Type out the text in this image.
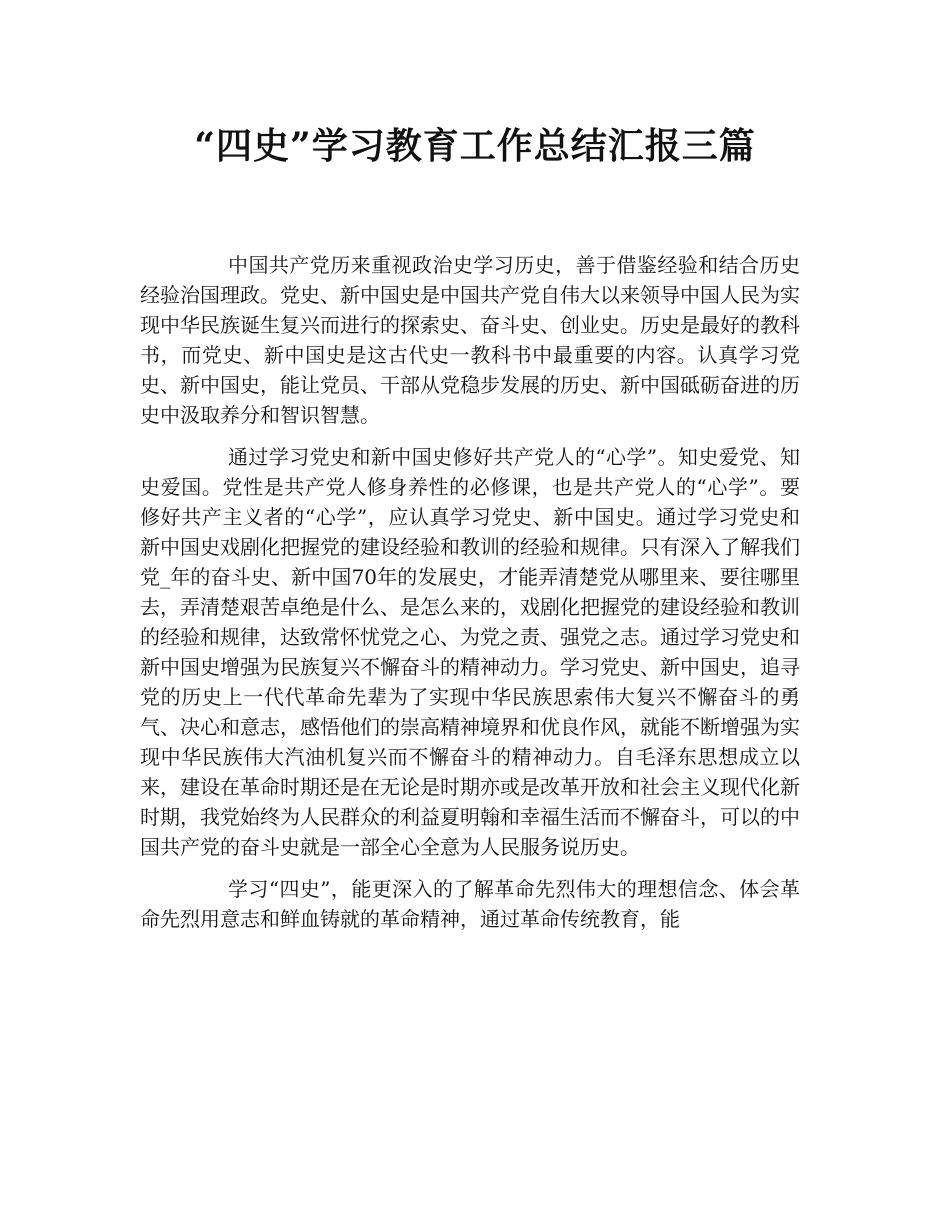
“四史”学习教育工作总结汇报三篇

中国共产党历来重视政治史学习历史，善于借鉴经验和结合历史经验治国理政。党史、新中国史是中国共产党自伟大以来领导中国人民为实现中华民族诞生复兴而进行的探索史、奋斗史、创业史。历史是最好的教科书，而党史、新中国史是这古代史一教科书中最重要的内容。认真学习党史、新中国史，能让党员、干部从党稳步发展的历史、新中国砥砺奋进的历史中汲取养分和智识智慧。

通过学习党史和新中国史修好共产党人的“心学”。知史爱党、知史爱国。党性是共产党人修身养性的必修课，也是共产党人的“心学”。要修好共产主义者的“心学”，应认真学习党史、新中国史。通过学习党史和新中国史戏剧化把握党的建设经验和教训的经验和规律。只有深入了解我们党_年的奋斗史、新中国70年的发展史，才能弄清楚党从哪里来、要往哪里去，弄清楚艰苦卓绝是什么、是怎么来的，戏剧化把握党的建设经验和教训的经验和规律，达致常怀忧党之心、为党之责、强党之志。通过学习党史和新中国史增强为民族复兴不懈奋斗的精神动力。学习党史、新中国史，追寻党的历史上一代代革命先辈为了实现中华民族思索伟大复兴不懈奋斗的勇气、决心和意志，感悟他们的崇高精神境界和优良作风，就能不断增强为实现中华民族伟大汽油机复兴而不懈奋斗的精神动力。自毛泽东思想成立以来，建设在革命时期还是在无论是时期亦或是改革开放和社会主义现代化新时期，我党始终为人民群众的利益夏明翰和幸福生活而不懈奋斗，可以的中国共产党的奋斗史就是一部全心全意为人民服务说历史。

学习“四史”，能更深入的了解革命先烈伟大的理想信念、体会革命先烈用意志和鲜血铸就的革命精神，通过革命传统教育，能
